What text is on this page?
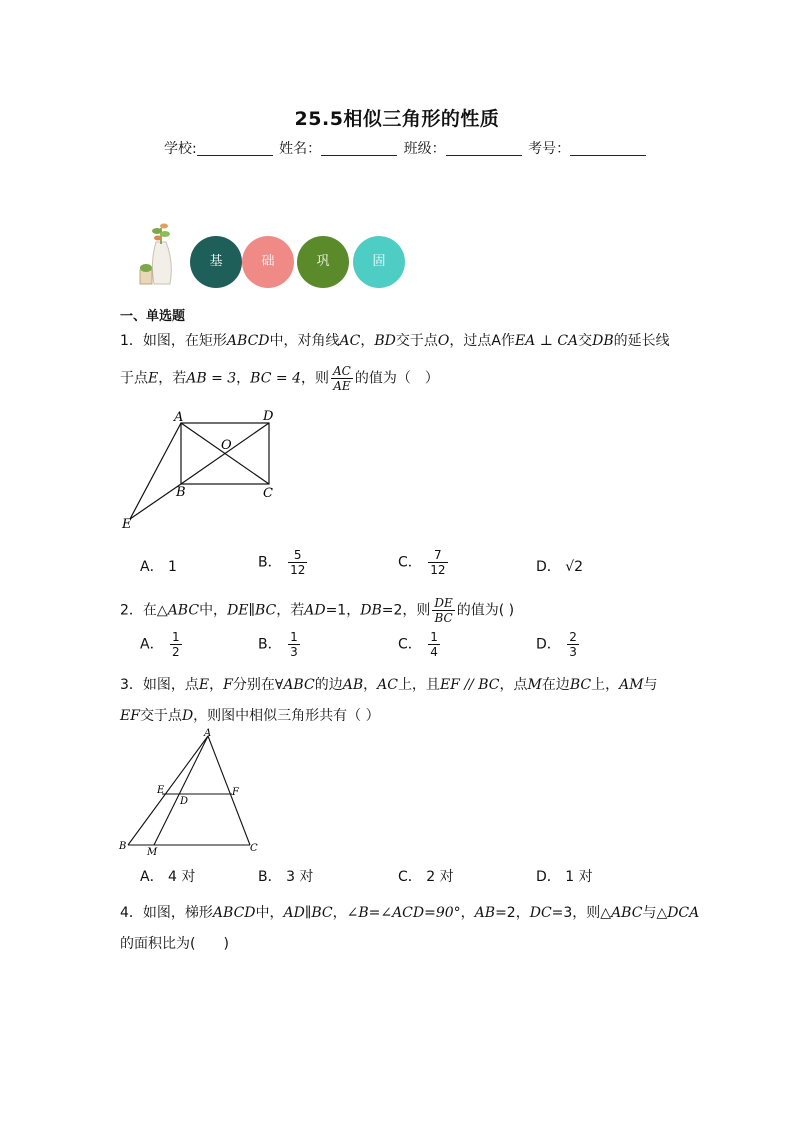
25.5相似三角形的性质
学校:	姓名：	班级：	考号：
基	础	巩	固
一、单选题
1．如图，在矩形ABCD中，对角线AC，BD交于点O，过点A作EA ⊥ CA交DB的延长线
于点E，若AB = 3，BC = 4，则 $\frac{AC}{AE}$ 的值为（　）
A	D
O
B	C
E
A． 1	B． $\frac{5}{12}$	C． $\frac{7}{12}$	D． √2
2．在△ABC中，DE∥BC，若AD=1，DB=2，则 $\frac{DE}{BC}$ 的值为( )
A． $\frac{1}{2}$	B． $\frac{1}{3}$	C． $\frac{1}{4}$	D． $\frac{2}{3}$
3．如图，点E，F分别在∀ABC的边AB，AC上，且EF // BC，点M在边BC上，AM与
EF交于点D，则图中相似三角形共有（ ）
A
E
D
F
B
M	C
A． 4 对	B． 3 对	C． 2 对	D． 1 对
4．如图，梯形ABCD中，AD∥BC，∠B=∠ACD=90°，AB=2，DC=3，则△ABC与△DCA
的面积比为(　　)
